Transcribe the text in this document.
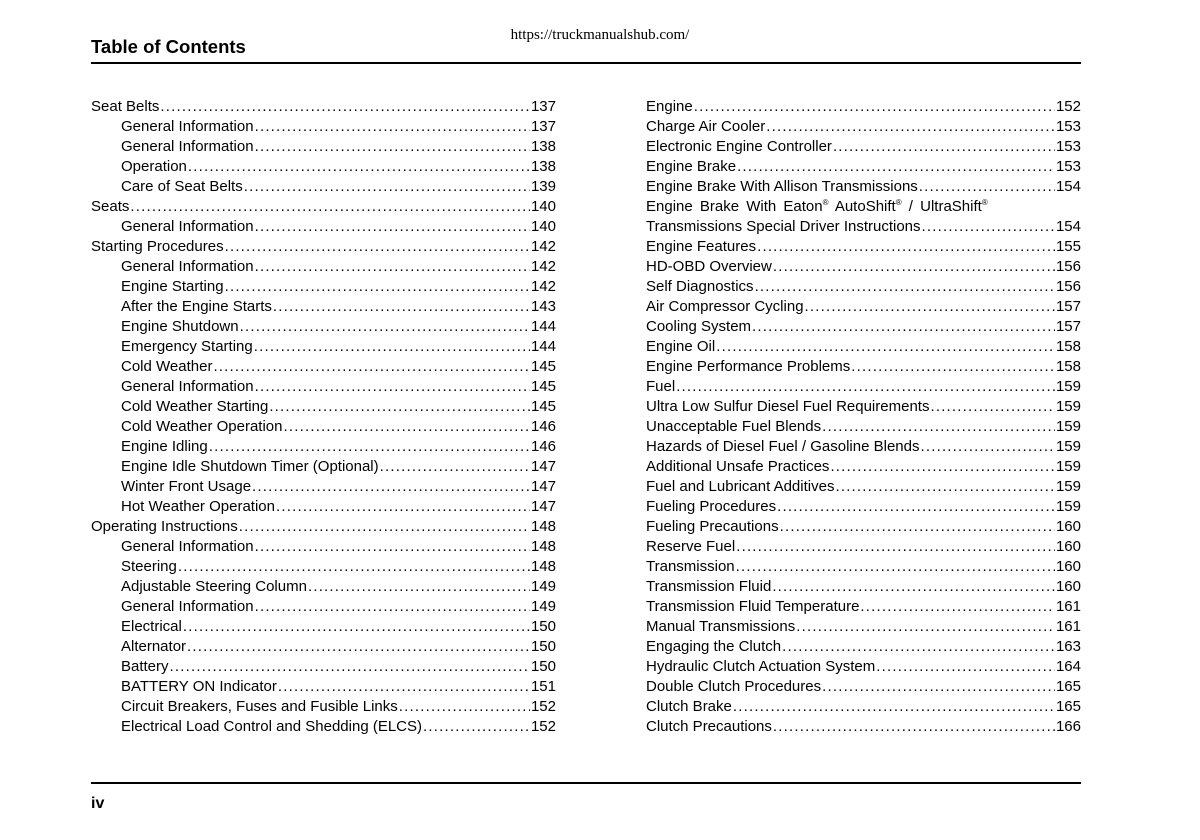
https://truckmanualshub.com/
Table of Contents
Seat Belts .....	137
General Information .....	137
General Information .....	138
Operation .....	138
Care of Seat Belts .....	139
Seats .....	140
General Information .....	140
Starting Procedures .....	142
General Information .....	142
Engine Starting .....	142
After the Engine Starts .....	143
Engine Shutdown .....	144
Emergency Starting .....	144
Cold Weather .....	145
General Information .....	145
Cold Weather Starting .....	145
Cold Weather Operation .....	146
Engine Idling .....	146
Engine Idle Shutdown Timer (Optional) .....	147
Winter Front Usage .....	147
Hot Weather Operation .....	147
Operating Instructions .....	148
General Information .....	148
Steering .....	148
Adjustable Steering Column .....	149
General Information .....	149
Electrical .....	150
Alternator .....	150
Battery .....	150
BATTERY ON Indicator .....	151
Circuit Breakers, Fuses and Fusible Links .....	152
Electrical Load Control and Shedding (ELCS) .....	152
Engine .....	152
Charge Air Cooler .....	153
Electronic Engine Controller .....	153
Engine Brake .....	153
Engine Brake With Allison Transmissions .....	154
Engine Brake With Eaton® AutoShift® / UltraShift®
Transmissions Special Driver Instructions .....	154
Engine Features .....	155
HD-OBD Overview .....	156
Self Diagnostics .....	156
Air Compressor Cycling .....	157
Cooling System .....	157
Engine Oil .....	158
Engine Performance Problems .....	158
Fuel .....	159
Ultra Low Sulfur Diesel Fuel Requirements .....	159
Unacceptable Fuel Blends .....	159
Hazards of Diesel Fuel / Gasoline Blends .....	159
Additional Unsafe Practices .....	159
Fuel and Lubricant Additives .....	159
Fueling Procedures .....	159
Fueling Precautions .....	160
Reserve Fuel .....	160
Transmission .....	160
Transmission Fluid .....	160
Transmission Fluid Temperature .....	161
Manual Transmissions .....	161
Engaging the Clutch .....	163
Hydraulic Clutch Actuation System .....	164
Double Clutch Procedures .....	165
Clutch Brake .....	165
Clutch Precautions .....	166
iv
